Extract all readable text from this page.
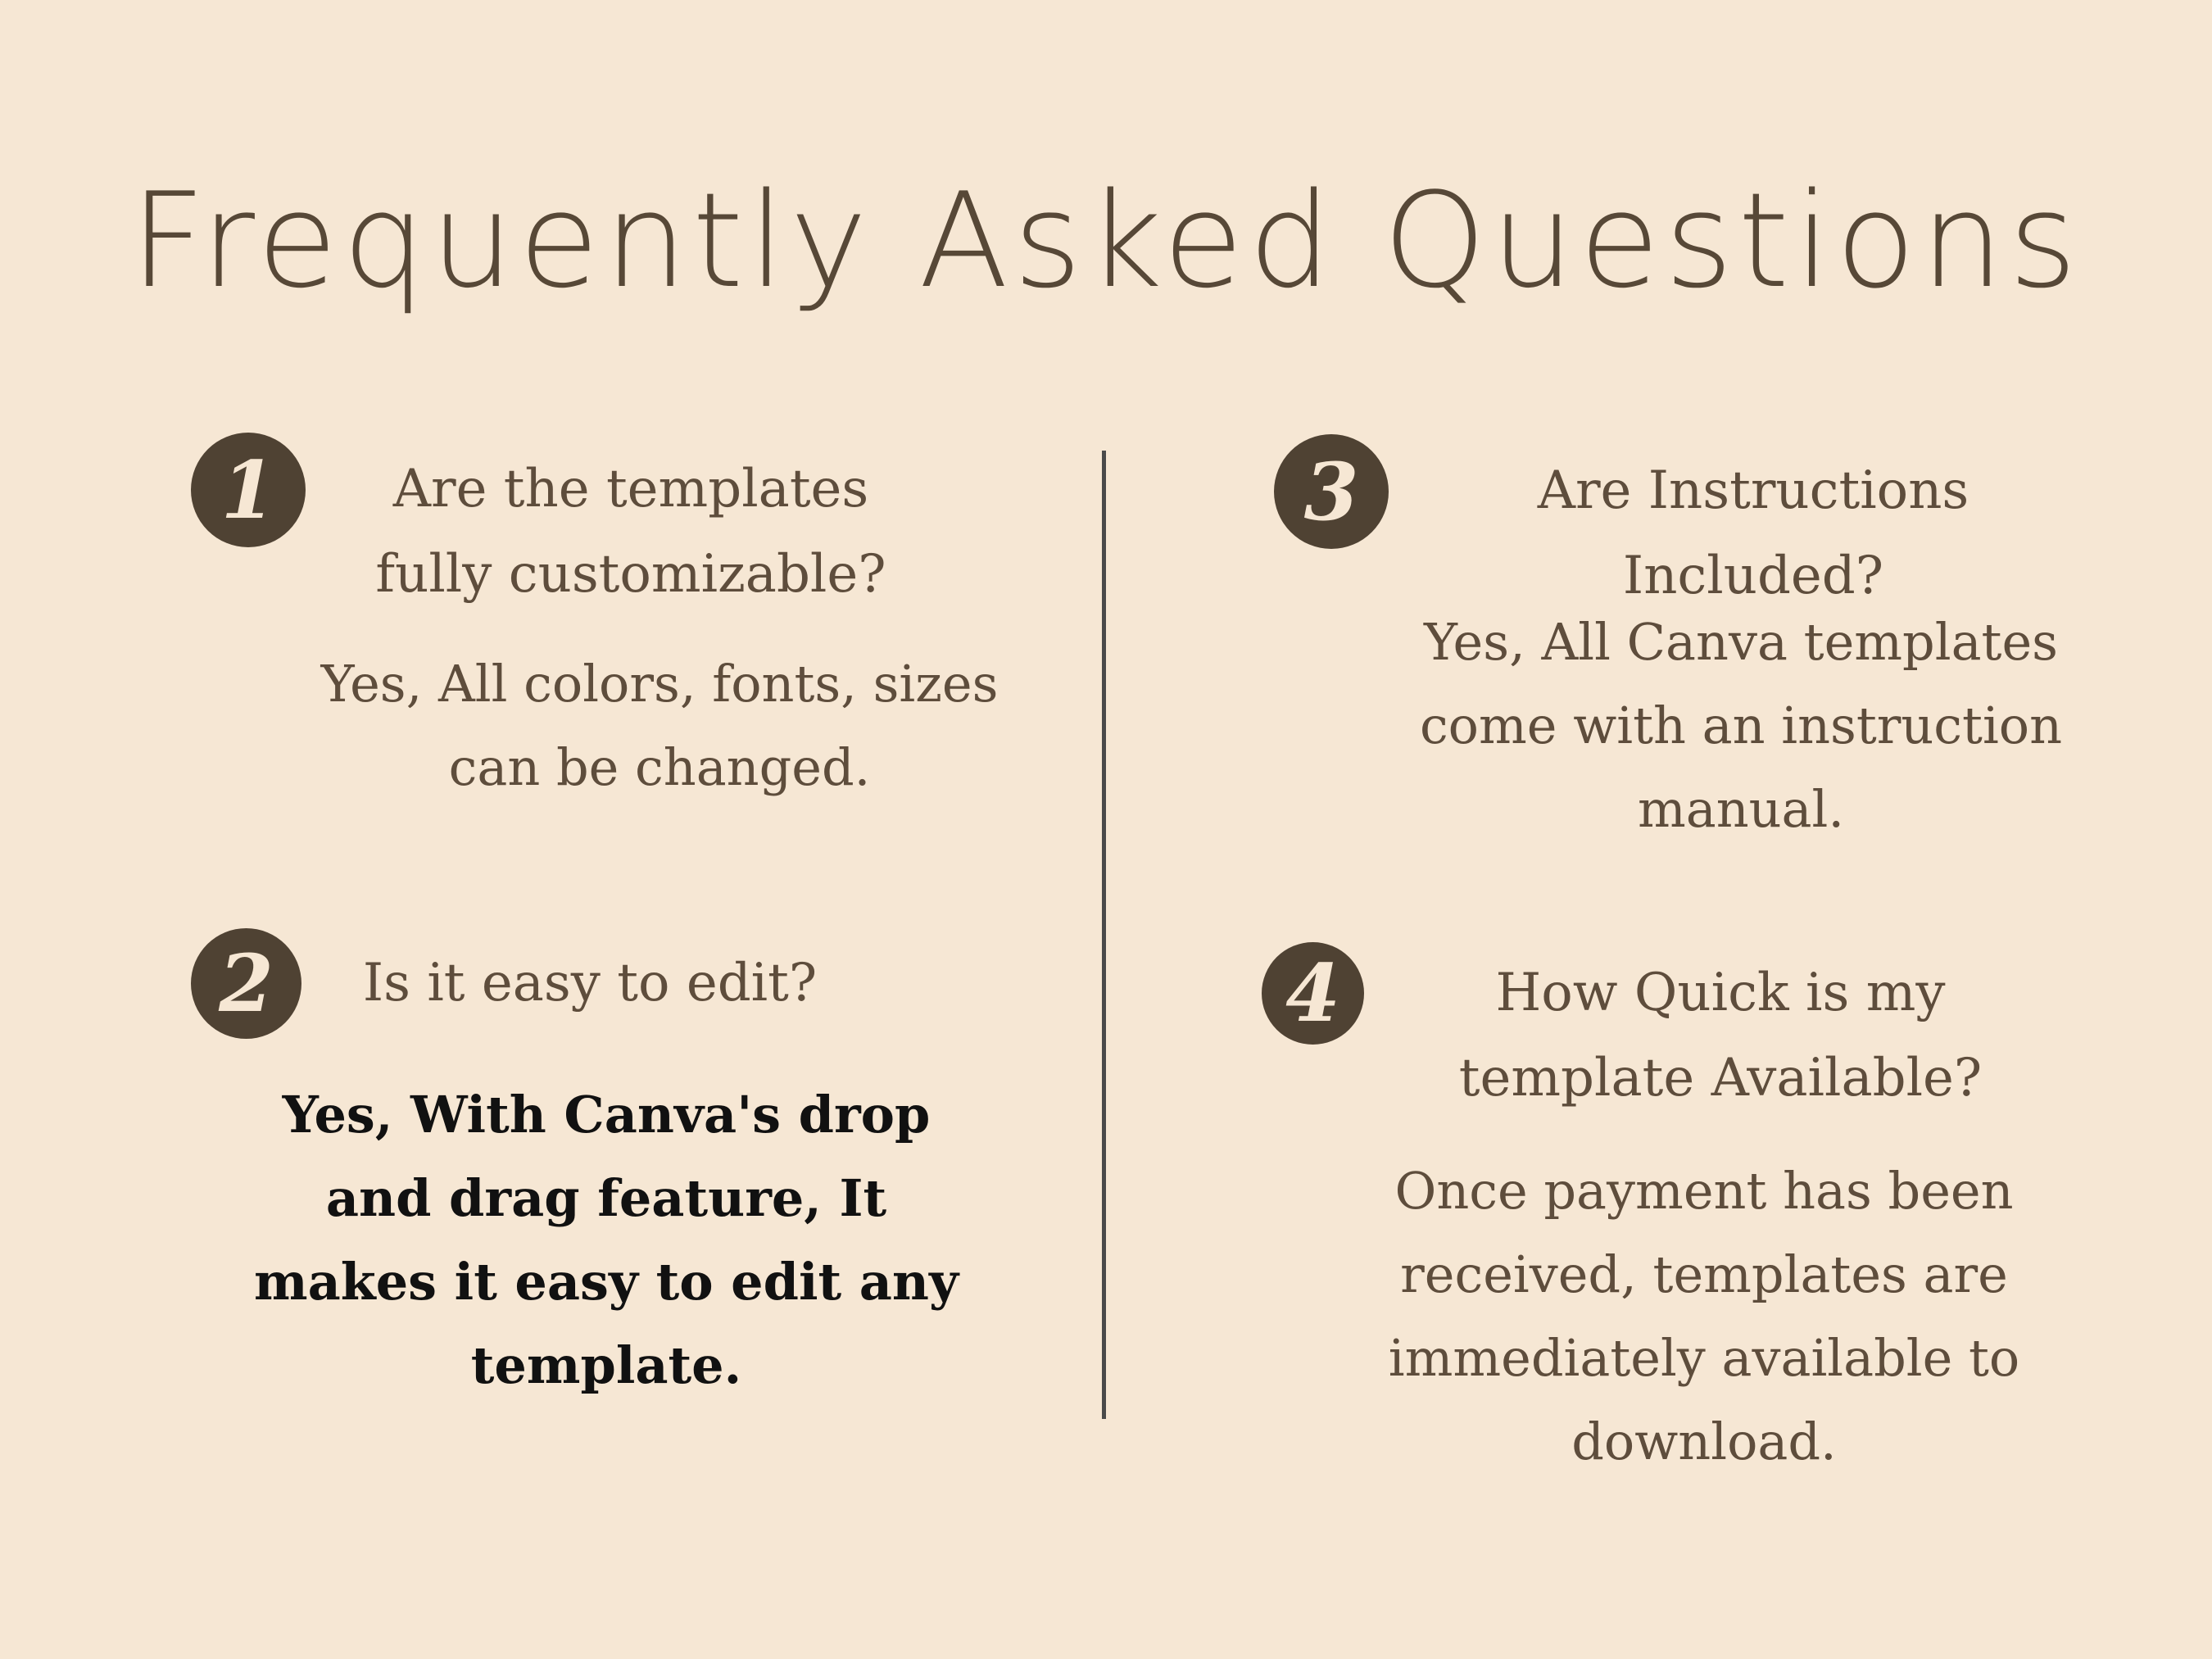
Frequently Asked Questions
1	Are the templates fully customizable?

Yes, All colors, fonts, sizes can be changed.

2	Is it easy to edit?

Yes, With Canva's drop and drag feature, It makes it easy to edit any template.

3	Are Instructions Included?

Yes, All Canva templates come with an instruction manual.

4	How Quick is my template Available?

Once payment has been received, templates are immediately available to download.
